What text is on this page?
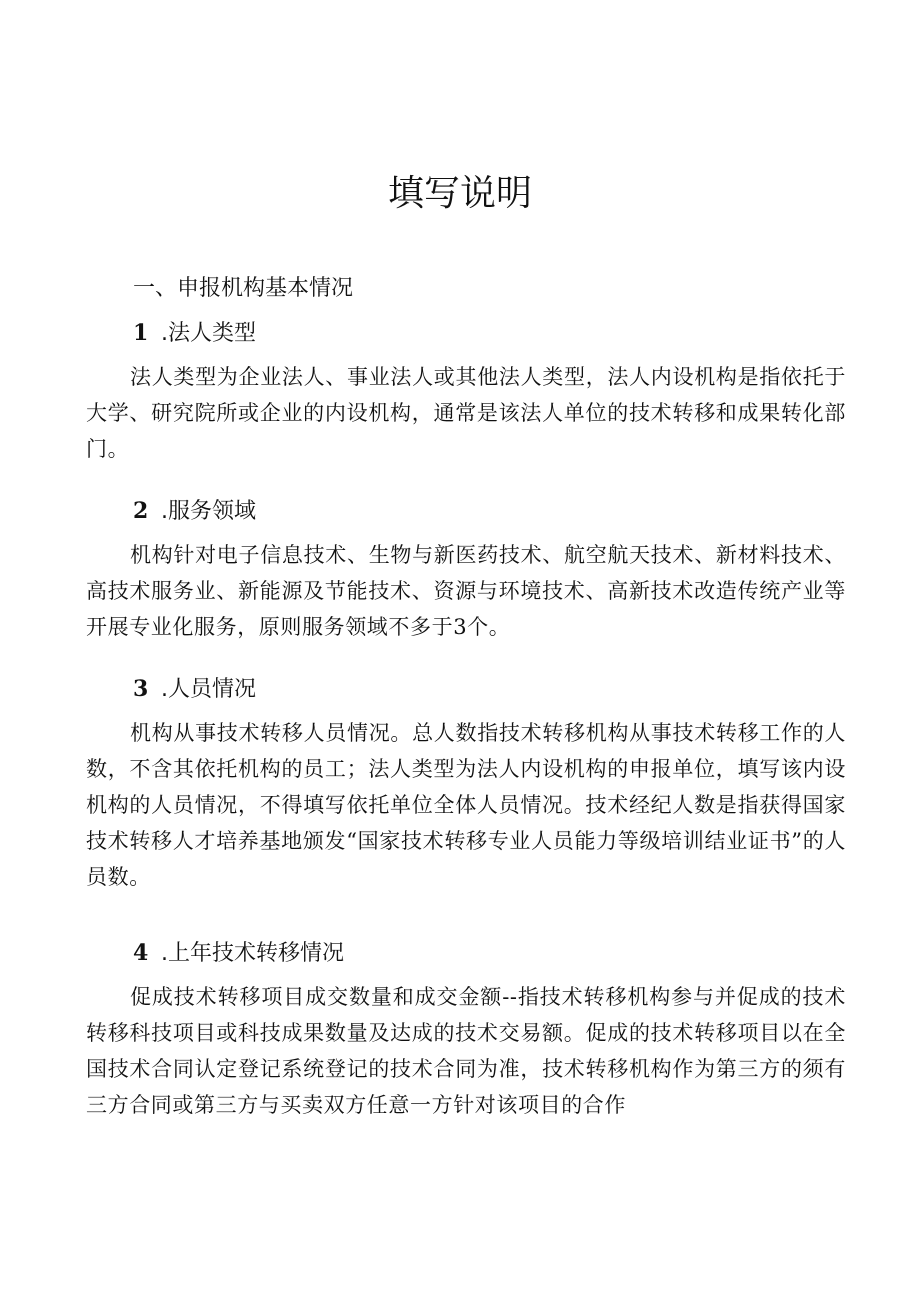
填写说明
一、申报机构基本情况
1 .法人类型

法人类型为企业法人、事业法人或其他法人类型，法人内设机构是指依托于大学、研究院所或企业的内设机构，通常是该法人单位的技术转移和成果转化部门。

2 .服务领域

机构针对电子信息技术、生物与新医药技术、航空航天技术、新材料技术、高技术服务业、新能源及节能技术、资源与环境技术、高新技术改造传统产业等开展专业化服务，原则服务领域不多于3个。

3 .人员情况

机构从事技术转移人员情况。总人数指技术转移机构从事技术转移工作的人数，不含其依托机构的员工；法人类型为法人内设机构的申报单位，填写该内设机构的人员情况，不得填写依托单位全体人员情况。技术经纪人数是指获得国家技术转移人才培养基地颁发“国家技术转移专业人员能力等级培训结业证书”的人员数。

4 .上年技术转移情况

促成技术转移项目成交数量和成交金额--指技术转移机构参与并促成的技术转移科技项目或科技成果数量及达成的技术交易额。促成的技术转移项目以在全国技术合同认定登记系统登记的技术合同为准，技术转移机构作为第三方的须有三方合同或第三方与买卖双方任意一方针对该项目的合作
